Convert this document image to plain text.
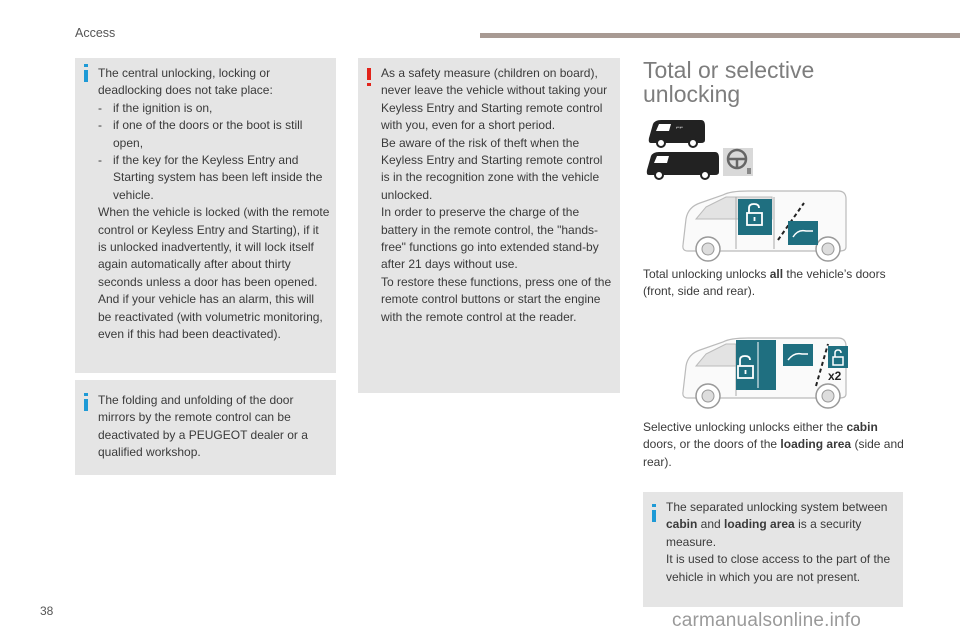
Access

The central unlocking, locking or deadlocking does not take place:

- if the ignition is on,
- if one of the doors or the boot is still open,
- if the key for the Keyless Entry and Starting system has been left inside the vehicle.

When the vehicle is locked (with the remote control or Keyless Entry and Starting), if it is unlocked inadvertently, it will lock itself again automatically after about thirty seconds unless a door has been opened.

And if your vehicle has an alarm, this will be reactivated (with volumetric monitoring, even if this had been deactivated).

The folding and unfolding of the door mirrors by the remote control can be deactivated by a PEUGEOT dealer or a qualified workshop.

As a safety measure (children on board), never leave the vehicle without taking your Keyless Entry and Starting remote control with you, even for a short period.

Be aware of the risk of theft when the Keyless Entry and Starting remote control is in the recognition zone with the vehicle unlocked.

In order to preserve the charge of the battery in the remote control, the "hands-free" functions go into extended stand-by after 21 days without use.

To restore these functions, press one of the remote control buttons or start the engine with the remote control at the reader.

Total or selective
unlocking
⌐⌐
Total unlocking unlocks all the vehicle’s doors (front, side and rear).
x2
Selective unlocking unlocks either the cabin doors, or the doors of the loading area (side and rear).

The separated unlocking system between cabin and loading area is a security measure.

It is used to close access to the part of the vehicle in which you are not present.

38	carmanualsonline.info
